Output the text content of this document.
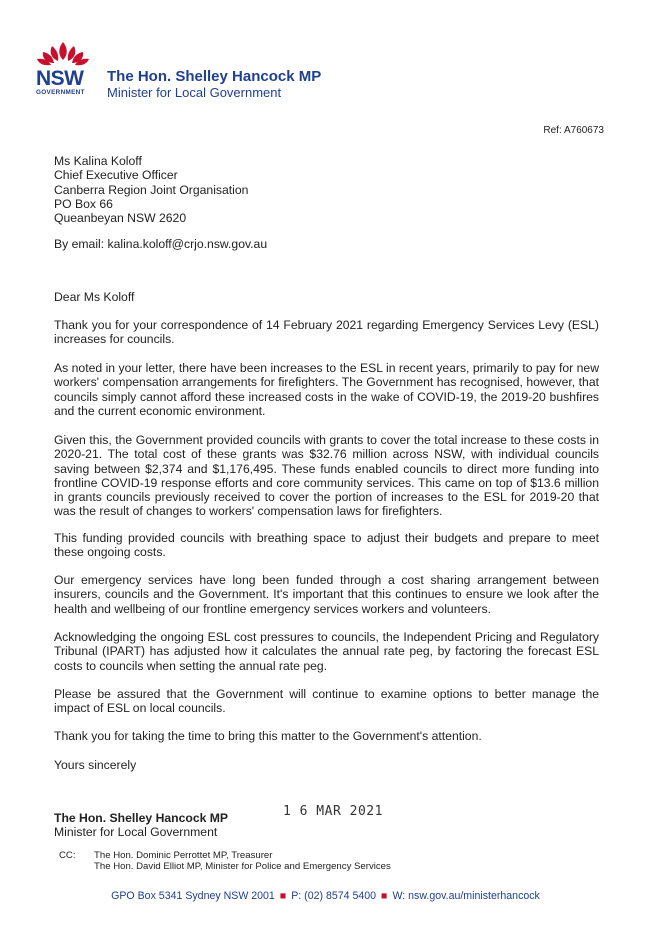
NSW
GOVERNMENT
The Hon. Shelley Hancock MP
Minister for Local Government
Ref: A760673
Ms Kalina Koloff
Chief Executive Officer
Canberra Region Joint Organisation
PO Box 66
Queanbeyan NSW 2620
By email: kalina.koloff@crjo.nsw.gov.au
Dear Ms Koloff

Thank you for your correspondence of 14 February 2021 regarding Emergency Services Levy (ESL) increases for councils.

As noted in your letter, there have been increases to the ESL in recent years, primarily to pay for new workers' compensation arrangements for firefighters. The Government has recognised, however, that councils simply cannot afford these increased costs in the wake of COVID-19, the 2019-20 bushfires and the current economic environment.

Given this, the Government provided councils with grants to cover the total increase to these costs in 2020-21. The total cost of these grants was $32.76 million across NSW, with individual councils saving between $2,374 and $1,176,495. These funds enabled councils to direct more funding into frontline COVID-19 response efforts and core community services. This came on top of $13.6 million in grants councils previously received to cover the portion of increases to the ESL for 2019-20 that was the result of changes to workers' compensation laws for firefighters.

This funding provided councils with breathing space to adjust their budgets and prepare to meet these ongoing costs.

Our emergency services have long been funded through a cost sharing arrangement between insurers, councils and the Government. It's important that this continues to ensure we look after the health and wellbeing of our frontline emergency services workers and volunteers.

Acknowledging the ongoing ESL cost pressures to councils, the Independent Pricing and Regulatory Tribunal (IPART) has adjusted how it calculates the annual rate peg, by factoring the forecast ESL costs to councils when setting the annual rate peg.

Please be assured that the Government will continue to examine options to better manage the impact of ESL on local councils.

Thank you for taking the time to bring this matter to the Government's attention.

Yours sincerely

The Hon. Shelley Hancock MP	1 6 MAR 2021
Minister for Local Government
CC: The Hon. Dominic Perrottet MP, Treasurer
The Hon. David Elliot MP, Minister for Police and Emergency Services
GPO Box 5341 Sydney NSW 2001 ■ P: (02) 8574 5400 ■ W: nsw.gov.au/ministerhancock
